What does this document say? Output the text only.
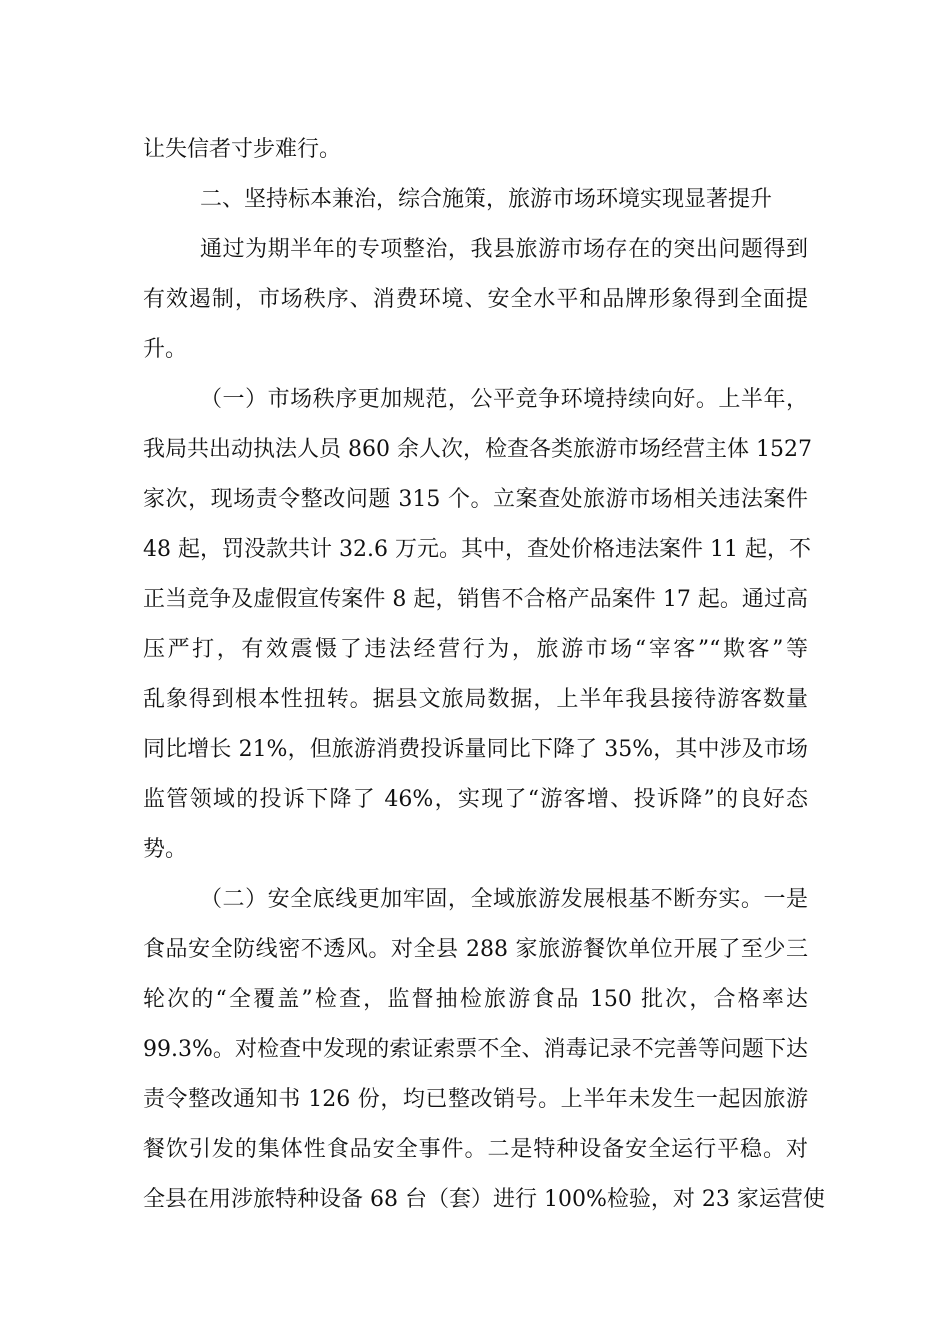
让失信者寸步难行。
二、坚持标本兼治，综合施策，旅游市场环境实现显著提升
通过为期半年的专项整治，我县旅游市场存在的突出问题得到
有效遏制，市场秩序、消费环境、安全水平和品牌形象得到全面提
升。
（一）市场秩序更加规范，公平竞争环境持续向好。上半年，
我局共出动执法人员 860 余人次，检查各类旅游市场经营主体 1527
家次，现场责令整改问题 315 个。立案查处旅游市场相关违法案件
48 起，罚没款共计 32.6 万元。其中，查处价格违法案件 11 起，不
正当竞争及虚假宣传案件 8 起，销售不合格产品案件 17 起。通过高
压严打，有效震慑了违法经营行为，旅游市场“宰客”“欺客”等
乱象得到根本性扭转。据县文旅局数据，上半年我县接待游客数量
同比增长 21%，但旅游消费投诉量同比下降了 35%，其中涉及市场
监管领域的投诉下降了 46%，实现了“游客增、投诉降”的良好态
势。
（二）安全底线更加牢固，全域旅游发展根基不断夯实。一是
食品安全防线密不透风。对全县 288 家旅游餐饮单位开展了至少三
轮次的“全覆盖”检查，监督抽检旅游食品 150 批次，合格率达
99.3%。对检查中发现的索证索票不全、消毒记录不完善等问题下达
责令整改通知书 126 份，均已整改销号。上半年未发生一起因旅游
餐饮引发的集体性食品安全事件。二是特种设备安全运行平稳。对
全县在用涉旅特种设备 68 台（套）进行 100%检验，对 23 家运营使
